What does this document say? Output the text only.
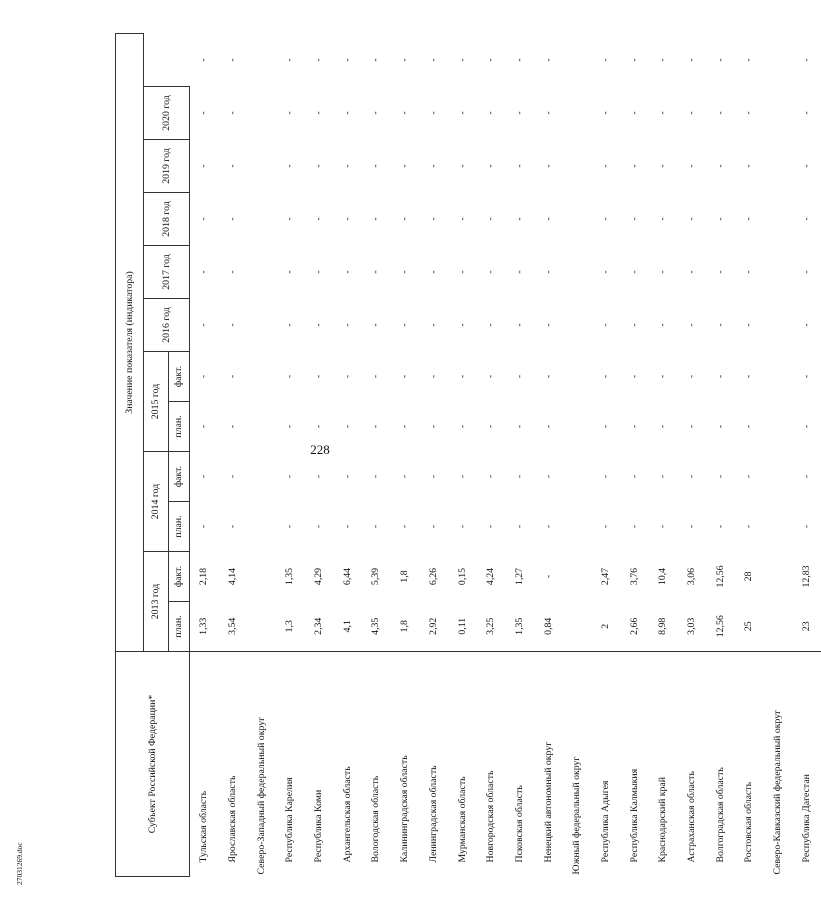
228
27031269.doc
Субъект Российской Федерации*	Значение показателя (индикатора)											
	2013 год		2014 год		2015 год		2016 год	2017 год	2018 год	2019 год	2020 год	
	план.	факт.	план.	факт.	план.	факт.						
Тульская область	1,33	2,18	-	-	-	-	-	-	-	-	-	-
Ярославская область	3,54	4,14	-	-	-	-	-	-	-	-	-	-
Северо-Западный федеральный округ												
Республика Карелия	1,3	1,35	-	-	-	-	-	-	-	-	-	-
Республика Коми	2,34	4,29	-	-	-	-	-	-	-	-	-	-
Архангельская область	4,1	6,44	-	-	-	-	-	-	-	-	-	-
Вологодская область	4,35	5,39	-	-	-	-	-	-	-	-	-	-
Калининградская область	1,8	1,8	-	-	-	-	-	-	-	-	-	-
Ленинградская область	2,92	6,26	-	-	-	-	-	-	-	-	-	-
Мурманская область	0,11	0,15	-	-	-	-	-	-	-	-	-	-
Новгородская область	3,25	4,24	-	-	-	-	-	-	-	-	-	-
Псковская область	1,35	1,27	-	-	-	-	-	-	-	-	-	-
Ненецкий автономный округ	0,84	-	-	-	-	-	-	-	-	-	-	-
Южный федеральный округ												
Республика Адыгея	2	2,47	-	-	-	-	-	-	-	-	-	-
Республика Калмыкия	2,66	3,76	-	-	-	-	-	-	-	-	-	-
Краснодарский край	8,98	10,4	-	-	-	-	-	-	-	-	-	-
Астраханская область	3,03	3,06	-	-	-	-	-	-	-	-	-	-
Волгоградская область	12,56	12,56	-	-	-	-	-	-	-	-	-	-
Ростовская область	25	28	-	-	-	-	-	-	-	-	-	-
Северо-Кавказский федеральный округ												
Республика Дагестан	23	12,83	-	-	-	-	-	-	-	-	-	-
